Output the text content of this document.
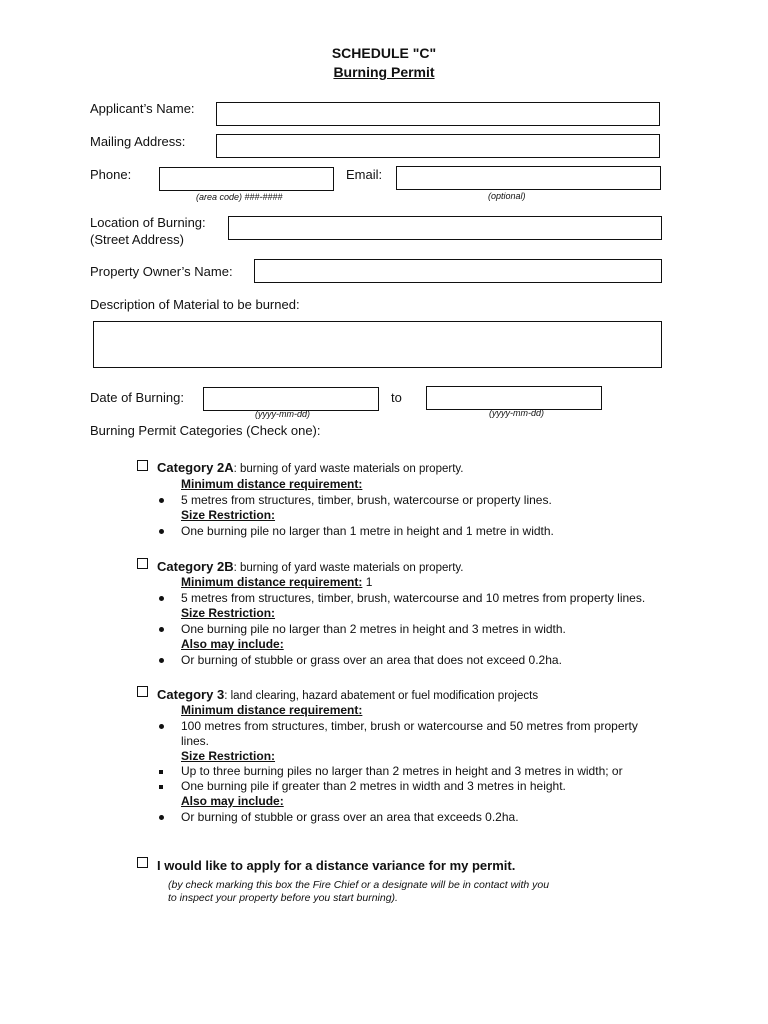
SCHEDULE "C"
Burning Permit
Applicant’s Name:
Mailing Address:
Phone:
(area code) ###-####
Email:
(optional)
Location of Burning:
(Street Address)
Property Owner’s Name:
Description of Material to be burned:
Date of Burning:
(yyyy-mm-dd)
to
(yyyy-mm-dd)
Burning Permit Categories (Check one):
Category 2A: burning of yard waste materials on property.
Minimum distance requirement:
5 metres from structures, timber, brush, watercourse or property lines.
Size Restriction:
One burning pile no larger than 1 metre in height and 1 metre in width.
Category 2B: burning of yard waste materials on property.
Minimum distance requirement: 1
5 metres from structures, timber, brush, watercourse and 10 metres from property lines.
Size Restriction:
One burning pile no larger than 2 metres in height and 3 metres in width.
Also may include:
Or burning of stubble or grass over an area that does not exceed 0.2ha.
Category 3: land clearing, hazard abatement or fuel modification projects
Minimum distance requirement:
100 metres from structures, timber, brush or watercourse and 50 metres from property
lines.
Size Restriction:
Up to three burning piles no larger than 2 metres in height and 3 metres in width; or
One burning pile if greater than 2 metres in width and 3 metres in height.
Also may include:
Or burning of stubble or grass over an area that exceeds 0.2ha.
I would like to apply for a distance variance for my permit.
(by check marking this box the Fire Chief or a designate will be in contact with you
to inspect your property before you start burning).
